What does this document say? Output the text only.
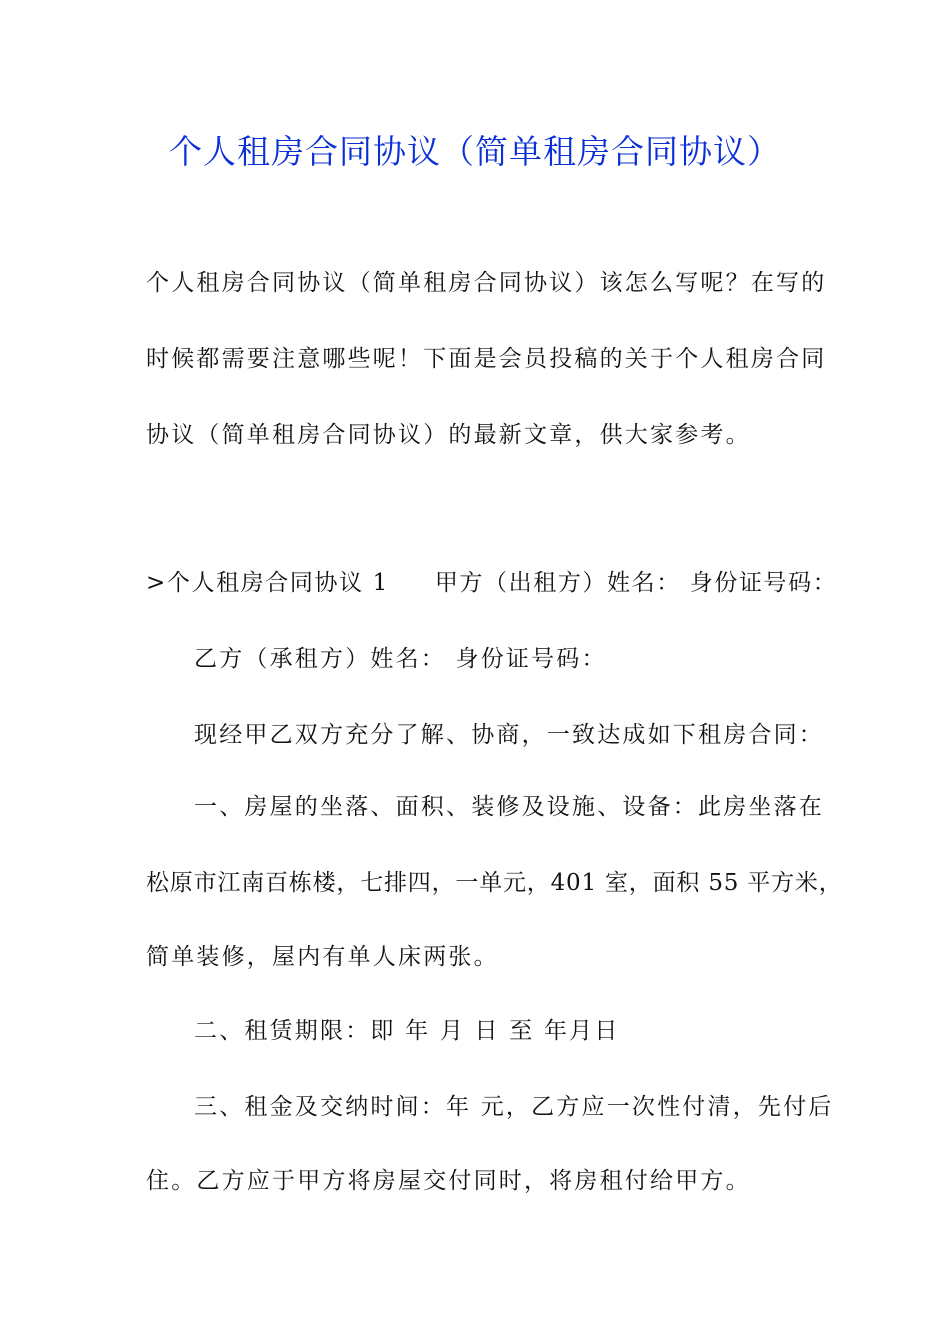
个人租房合同协议（简单租房合同协议）
个人租房合同协议（简单租房合同协议）该怎么写呢？在写的
时候都需要注意哪些呢！下面是会员投稿的关于个人租房合同
协议（简单租房合同协议）的最新文章，供大家参考。
>个人租房合同协议 1 甲方（出租方）姓名： 身份证号码：
乙方（承租方）姓名： 身份证号码：
现经甲乙双方充分了解、协商，一致达成如下租房合同：
一、房屋的坐落、面积、装修及设施、设备：此房坐落在
松原市江南百栋楼，七排四，一单元，401 室，面积 55 平方米，
简单装修，屋内有单人床两张。
二、租赁期限：即 年 月 日 至 年月日
三、租金及交纳时间：年 元，乙方应一次性付清，先付后
住。乙方应于甲方将房屋交付同时，将房租付给甲方。
